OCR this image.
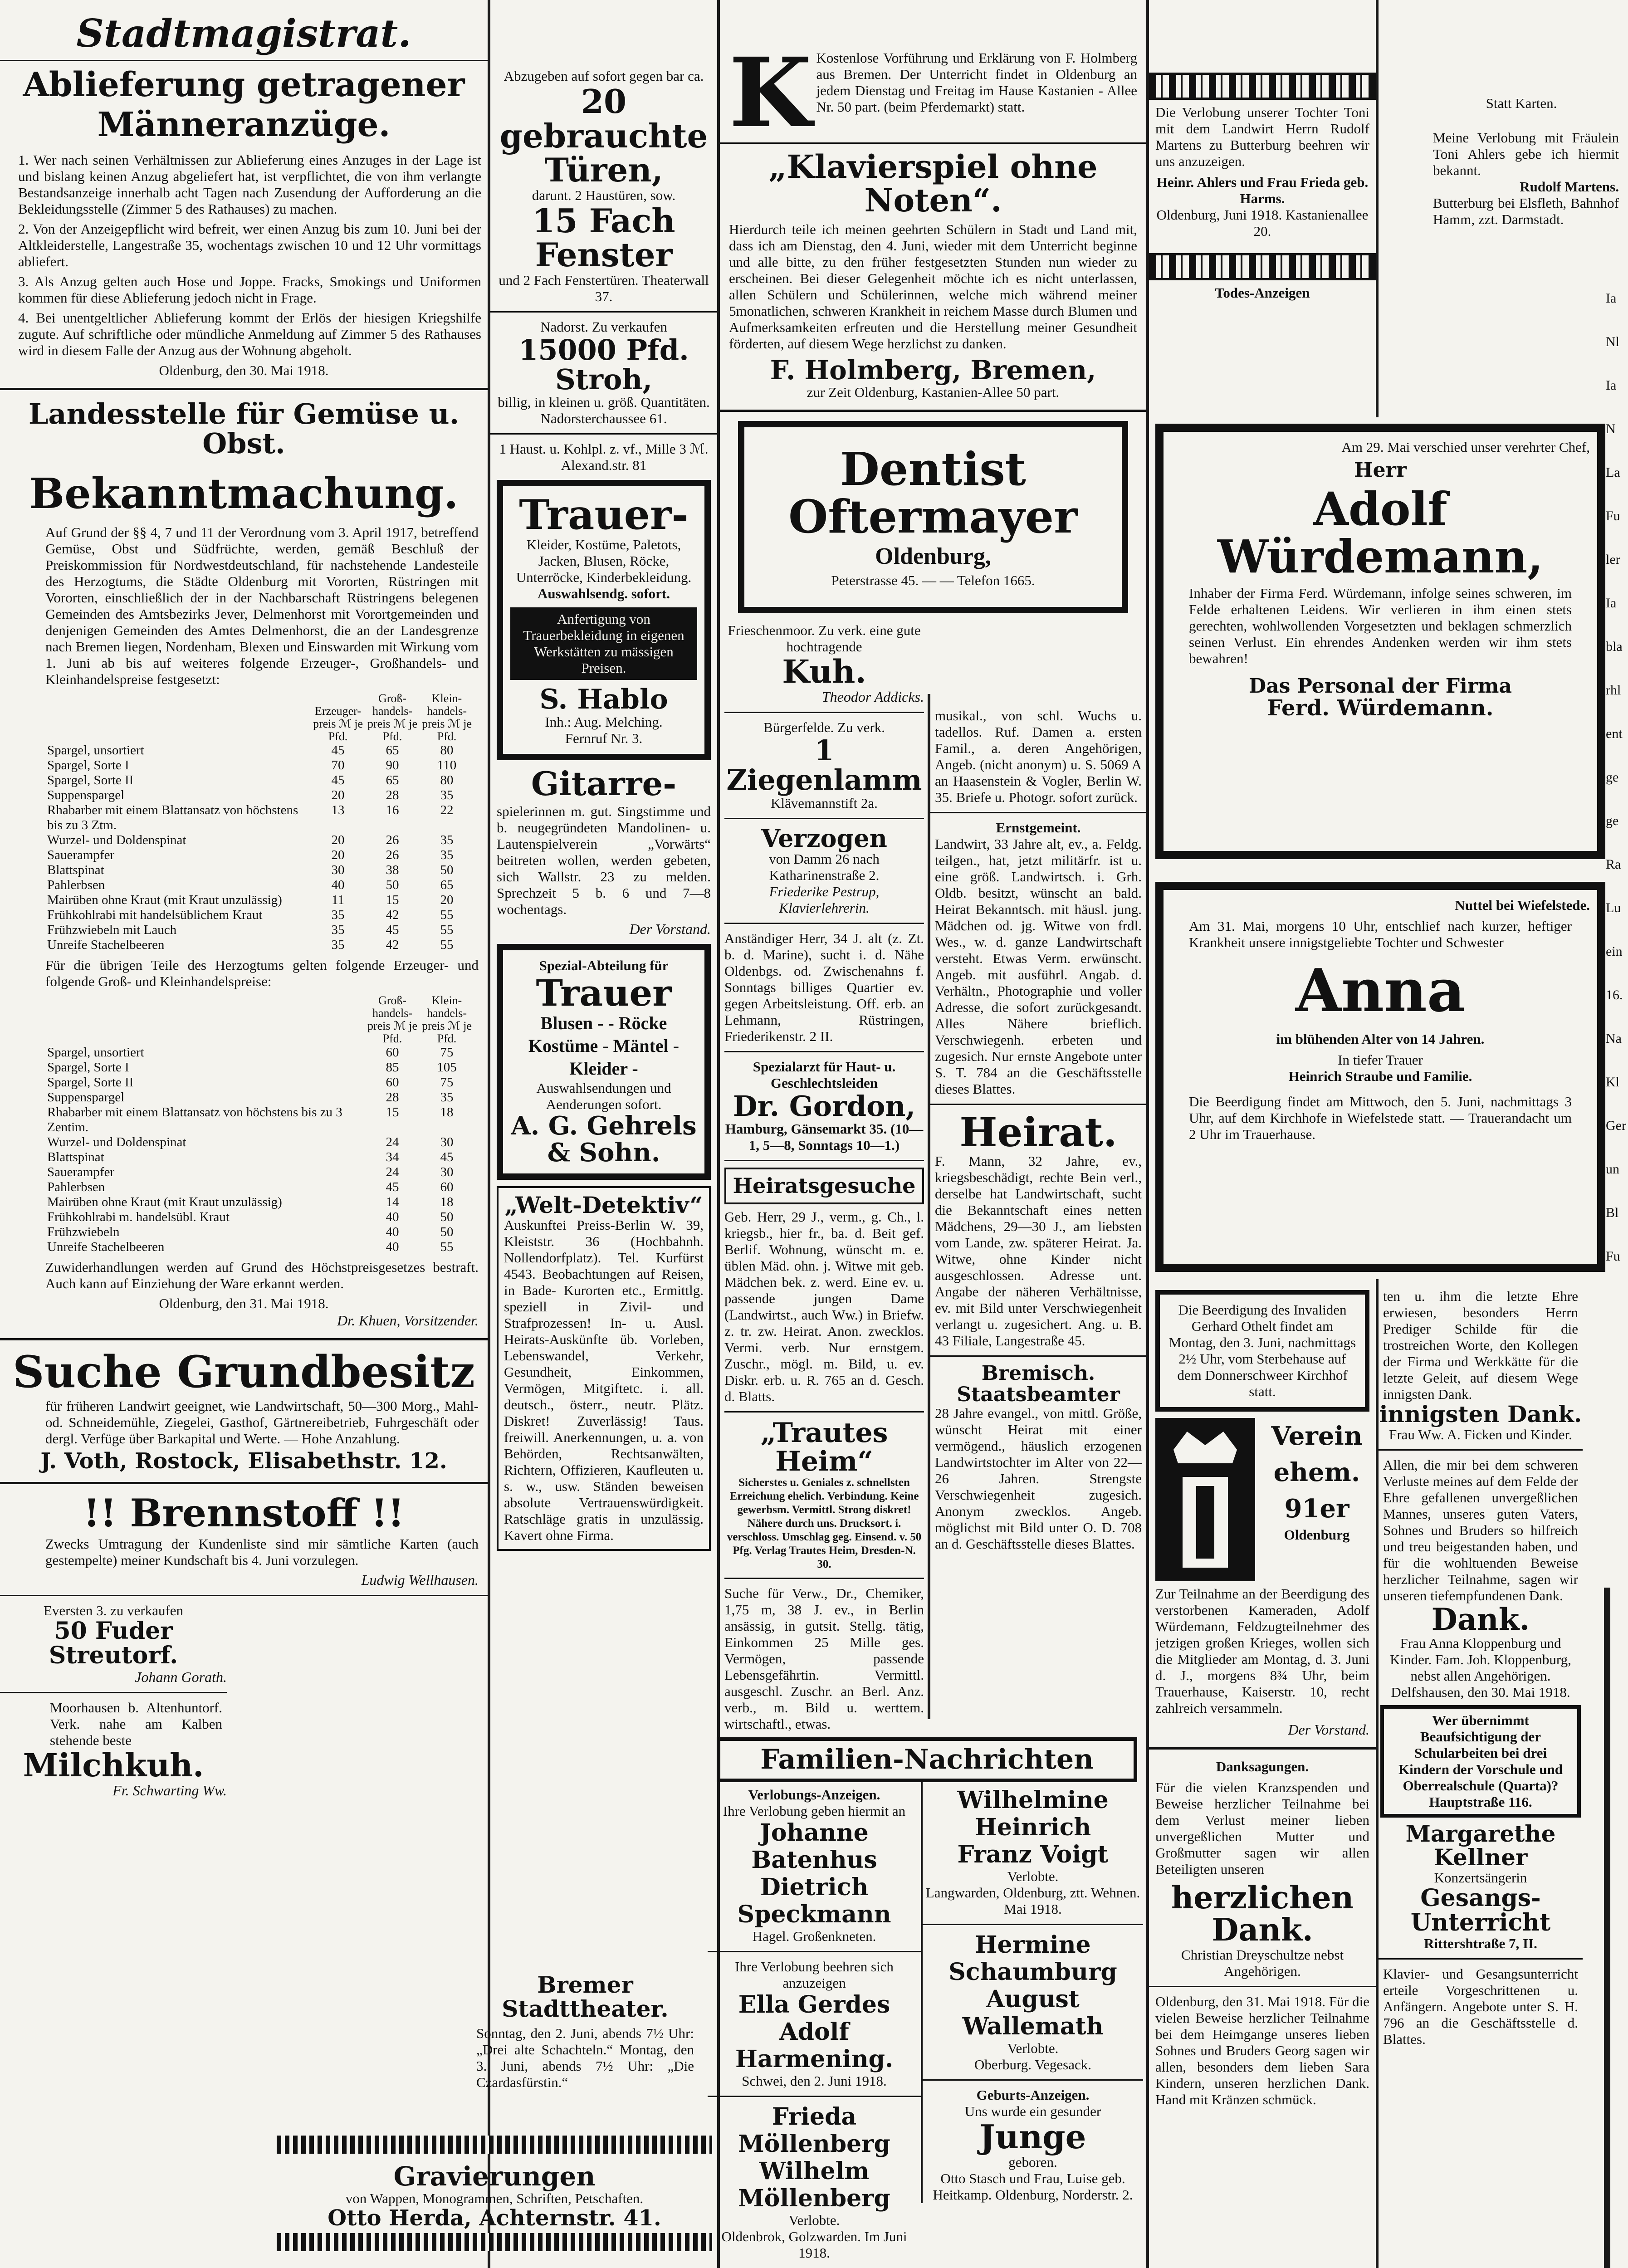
Stadtmagistrat.
Ablieferung getragener
Männeranzüge.

1. Wer nach seinen Verhältnissen zur Ablieferung eines Anzuges in der Lage ist und bislang keinen Anzug abgeliefert hat, ist verpflichtet, die von ihm verlangte Bestandsanzeige innerhalb acht Tagen nach Zusendung der Aufforderung an die Bekleidungsstelle (Zimmer 5 des Rathauses) zu machen.

2. Von der Anzeigepflicht wird befreit, wer einen Anzug bis zum 10. Juni bei der Altkleiderstelle, Langestraße 35, wochentags zwischen 10 und 12 Uhr vormittags abliefert.

3. Als Anzug gelten auch Hose und Joppe. Fracks, Smokings und Uniformen kommen für diese Ablieferung jedoch nicht in Frage.

4. Bei unentgeltlicher Ablieferung kommt der Erlös der hiesigen Kriegshilfe zugute. Auf schriftliche oder mündliche Anmeldung auf Zimmer 5 des Rathauses wird in diesem Falle der Anzug aus der Wohnung abgeholt.

Oldenburg, den 30. Mai 1918.
Landesstelle für Gemüse u. Obst.
Bekanntmachung.

Auf Grund der §§ 4, 7 und 11 der Verordnung vom 3. April 1917, betreffend Gemüse, Obst und Südfrüchte, werden, gemäß Beschluß der Preiskommission für Nordwestdeutschland, für nachstehende Landesteile des Herzogtums, die Städte Oldenburg mit Vororten, Rüstringen mit Vororten, einschließlich der in der Nachbarschaft Rüstringens belegenen Gemeinden des Amtsbezirks Jever, Delmenhorst mit Vorortgemeinden und denjenigen Gemeinden des Amtes Delmenhorst, die an der Landesgrenze nach Bremen liegen, Nordenham, Blexen und Einswarden mit Wirkung vom 1. Juni ab bis auf weiteres folgende Erzeuger-, Großhandels- und Kleinhandelspreise festgesetzt:

	Erzeuger-preis ℳ je Pfd.	Groß-handels-preis ℳ je Pfd.	Klein-handels-preis ℳ je Pfd.
Spargel, unsortiert	45	65	80
Spargel, Sorte I	70	90	110
Spargel, Sorte II	45	65	80
Suppenspargel	20	28	35
Rhabarber mit einem Blattansatz von höchstens bis zu 3 Ztm.	13	16	22
Wurzel- und Doldenspinat	20	26	35
Sauerampfer	20	26	35
Blattspinat	30	38	50
Pahlerbsen	40	50	65
Mairüben ohne Kraut (mit Kraut unzulässig)	11	15	20
Frühkohlrabi mit handelsüblichem Kraut	35	42	55
Frühzwiebeln mit Lauch	35	45	55
Unreife Stachelbeeren	35	42	55

Für die übrigen Teile des Herzogtums gelten folgende Erzeuger- und folgende Groß- und Kleinhandelspreise:

	Groß-handels-preis ℳ je Pfd.	Klein-handels-preis ℳ je Pfd.
Spargel, unsortiert	60	75
Spargel, Sorte I	85	105
Spargel, Sorte II	60	75
Suppenspargel	28	35
Rhabarber mit einem Blattansatz von höchstens bis zu 3 Zentim.	15	18
Wurzel- und Doldenspinat	24	30
Blattspinat	34	45
Sauerampfer	24	30
Pahlerbsen	45	60
Mairüben ohne Kraut (mit Kraut unzulässig)	14	18
Frühkohlrabi m. handelsübl. Kraut	40	50
Frühzwiebeln	40	50
Unreife Stachelbeeren	40	55

Zuwiderhandlungen werden auf Grund des Höchstpreisgesetzes bestraft. Auch kann auf Einziehung der Ware erkannt werden.

Oldenburg, den 31. Mai 1918.
Dr. Khuen, Vorsitzender.
Suche Grundbesitz

für früheren Landwirt geeignet, wie Landwirtschaft, 50—300 Morg., Mahl- od. Schneidemühle, Ziegelei, Gasthof, Gärtnereibetrieb, Fuhrgeschäft oder dergl. Verfüge über Barkapital und Werte. — Hohe Anzahlung.

J. Voth, Rostock, Elisabethstr. 12.
!! Brennstoff !!

Zwecks Umtragung der Kundenliste sind mir sämtliche Karten (auch gestempelte) meiner Kundschaft bis 4. Juni vorzulegen.

Ludwig Wellhausen.
Eversten 3. zu verkaufen
50 Fuder Streutorf.
Johann Gorath.

Moorhausen b. Altenhuntorf. Verk. nahe am Kalben stehende beste

Milchkuh.
Fr. Schwarting Ww.
Abzugeben auf sofort gegen bar ca.
20 gebrauchte Türen,
darunt. 2 Haustüren, sow.
15 Fach Fenster
und 2 Fach Fenstertüren. Theaterwall 37.
Nadorst. Zu verkaufen
15000 Pfd. Stroh,
billig, in kleinen u. größ. Quantitäten. Nadorsterchaussee 61.
1 Haust. u. Kohlpl. z. vf., Mille 3 ℳ. Alexand.str. 81
Trauer-
Kleider, Kostüme, Paletots, Jacken, Blusen, Röcke, Unterröcke, Kinderbekleidung.
Auswahlsendg. sofort.
Anfertigung von Trauerbekleidung in eigenen Werkstätten zu mässigen Preisen.
S. Hablo
Inh.: Aug. Melching.
Fernruf Nr. 3.
Gitarre-

spielerinnen m. gut. Singstimme und b. neugegründeten Mandolinen- u. Lautenspielverein „Vorwärts“ beitreten wollen, werden gebeten, sich Wallstr. 23 zu melden. Sprechzeit 5 b. 6 und 7—8 wochentags.

Der Vorstand.
Spezial-Abteilung für
Trauer
Blusen - - Röcke Kostüme - Mäntel - Kleider -
Auswahlsendungen und Aenderungen sofort.
A. G. Gehrels & Sohn.
„Welt-Detektiv“

Auskunftei Preiss-Berlin W. 39, Kleiststr. 36 (Hochbahnh. Nollendorfplatz). Tel. Kurfürst 4543. Beobachtungen auf Reisen, in Bade- Kurorten etc., Ermittlg. speziell in Zivil- und Strafprozessen! In- u. Ausl. Heirats-Auskünfte üb. Vorleben, Lebenswandel, Verkehr, Gesundheit, Einkommen, Vermögen, Mitgiftetc. i. all. deutsch., österr., neutr. Plätz. Diskret! Zuverlässig! Taus. freiwill. Anerkennungen, u. a. von Behörden, Rechtsanwälten, Richtern, Offizieren, Kaufleuten u. s. w., usw. Ständen beweisen absolute Vertrauenswürdigkeit. Ratschläge gratis in unzulässig. Kavert ohne Firma.

Bremer Stadttheater.

Sonntag, den 2. Juni, abends 7½ Uhr: „Drei alte Schachteln.“ Montag, den 3. Juni, abends 7½ Uhr: „Die Czardasfürstin.“

Gravierungen
von Wappen, Monogrammen, Schriften, Petschaften.
Otto Herda, Achternstr. 41.
K Kostenlose Vorführung und Erklärung von F. Holmberg aus Bremen. Der Unterricht findet in Oldenburg an jedem Dienstag und Freitag im Hause Kastanien - Allee Nr. 50 part. (beim Pferdemarkt) statt.

„Klavierspiel ohne Noten“.

Hierdurch teile ich meinen geehrten Schülern in Stadt und Land mit, dass ich am Dienstag, den 4. Juni, wieder mit dem Unterricht beginne und alle bitte, zu den früher festgesetzten Stunden nun wieder zu erscheinen. Bei dieser Gelegenheit möchte ich es nicht unterlassen, allen Schülern und Schülerinnen, welche mich während meiner 5monatlichen, schweren Krankheit in reichem Masse durch Blumen und Aufmerksamkeiten erfreuten und die Herstellung meiner Gesundheit förderten, auf diesem Wege herzlichst zu danken.

F. Holmberg, Bremen,
zur Zeit Oldenburg, Kastanien-Allee 50 part.
Dentist Oftermayer
Oldenburg,
Peterstrasse 45. — — Telefon 1665.
Frieschenmoor. Zu verk. eine gute hochtragende
Kuh.
Theodor Addicks.
Bürgerfelde. Zu verk.
1 Ziegenlamm
Klävemannstift 2a.
Verzogen
von Damm 26 nach Katharinenstraße 2.
Friederike Pestrup, Klavierlehrerin.

Anständiger Herr, 34 J. alt (z. Zt. b. d. Marine), sucht i. d. Nähe Oldenbgs. od. Zwischenahns f. Sonntags billiges Quartier ev. gegen Arbeitsleistung. Off. erb. an Lehmann, Rüstringen, Friederikenstr. 2 II.

Spezialarzt für Haut- u. Geschlechtsleiden
Dr. Gordon,
Hamburg, Gänsemarkt 35. (10—1, 5—8, Sonntags 10—1.)
Heiratsgesuche

Geb. Herr, 29 J., verm., g. Ch., l. kriegsb., hier fr., ba. d. Beit gef. Berlif. Wohnung, wünscht m. e. üblen Mäd. ohn. j. Witwe mit geb. Mädchen bek. z. werd. Eine ev. u. passende jungen Dame (Landwirtst., auch Ww.) in Briefw. z. tr. zw. Heirat. Anon. zwecklos. Vermi. verb. Nur ernstgem. Zuschr., mögl. m. Bild, u. ev. Diskr. erb. u. R. 765 an d. Gesch. d. Blatts.

„Trautes Heim“
Sicherstes u. Geniales z. schnellsten Erreichung ehelich. Verbindung. Keine gewerbsm. Vermittl. Strong diskret! Nähere durch uns. Drucksort. i. verschloss. Umschlag geg. Einsend. v. 50 Pfg. Verlag Trautes Heim, Dresden-N. 30.

Suche für Verw., Dr., Chemiker, 1,75 m, 38 J. ev., in Berlin ansässig, in gutsit. Stellg. tätig, Einkommen 25 Mille ges. Vermögen, passende Lebensgefährtin. Vermittl. ausgeschl. Zuschr. an Berl. Anz. verb., m. Bild u. werttem. wirtschaftl., etwas.

musikal., von schl. Wuchs u. tadellos. Ruf. Damen a. ersten Famil., a. deren Angehörigen, Angeb. (nicht anonym) u. S. 5069 A an Haasenstein & Vogler, Berlin W. 35. Briefe u. Photogr. sofort zurück.

Ernstgemeint.

Landwirt, 33 Jahre alt, ev., a. Feldg. teilgen., hat, jetzt militärfr. ist u. eine größ. Landwirtsch. i. Grh. Oldb. besitzt, wünscht an bald. Heirat Bekanntsch. mit häusl. jung. Mädchen od. jg. Witwe von frdl. Wes., w. d. ganze Landwirtschaft versteht. Etwas Verm. erwünscht. Angeb. mit ausführl. Angab. d. Verhältn., Photographie und voller Adresse, die sofort zurückgesandt. Alles Nähere brieflich. Verschwiegenh. erbeten und zugesich. Nur ernste Angebote unter S. T. 784 an die Geschäftsstelle dieses Blattes.

Heirat.

F. Mann, 32 Jahre, ev., kriegsbeschädigt, rechte Bein verl., derselbe hat Landwirtschaft, sucht die Bekanntschaft eines netten Mädchens, 29—30 J., am liebsten vom Lande, zw. späterer Heirat. Ja. Witwe, ohne Kinder nicht ausgeschlossen. Adresse unt. Angabe der näheren Verhältnisse, ev. mit Bild unter Verschwiegenheit verlangt u. zugesichert. Ang. u. B. 43 Filiale, Langestraße 45.

Bremisch. Staatsbeamter

28 Jahre evangel., von mittl. Größe, wünscht Heirat mit einer vermögend., häuslich erzogenen Landwirtstochter im Alter von 22—26 Jahren. Strengste Verschwiegenheit zugesich. Anonym zwecklos. Angeb. möglichst mit Bild unter O. D. 708 an d. Geschäftsstelle dieses Blattes.

Familien-Nachrichten
Verlobungs-Anzeigen.
Ihre Verlobung geben hiermit an
Johanne Batenhus
Dietrich Speckmann
Hagel. Großenkneten.
Ihre Verlobung beehren sich anzuzeigen
Ella Gerdes
Adolf Harmening.
Schwei, den 2. Juni 1918.
Frieda Möllenberg
Wilhelm Möllenberg
Verlobte.
Oldenbrok, Golzwarden. Im Juni 1918.
Wilhelmine Heinrich
Franz Voigt
Verlobte.
Langwarden, Oldenburg, ztt. Wehnen. Mai 1918.
Hermine Schaumburg
August Wallemath
Verlobte.
Oberburg. Vegesack.
Geburts-Anzeigen.
Uns wurde ein gesunder
Junge
geboren.
Otto Stasch und Frau, Luise geb. Heitkamp. Oldenburg, Norderstr. 2.

Die Verlobung unserer Tochter Toni mit dem Landwirt Herrn Rudolf Martens zu Butterburg beehren wir uns anzuzeigen.

Heinr. Ahlers und Frau Frieda geb. Harms.
Oldenburg, Juni 1918. Kastanienallee 20.
Todes-Anzeigen

Am 29. Mai verschied unser verehrter Chef,

Herr
Adolf Würdemann,

Inhaber der Firma Ferd. Würdemann, infolge seines schweren, im Felde erhaltenen Leidens. Wir verlieren in ihm einen stets gerechten, wohlwollenden Vorgesetzten und beklagen schmerzlich seinen Verlust. Ein ehrendes Andenken werden wir ihm stets bewahren!

Das Personal der Firma
Ferd. Würdemann.
Nuttel bei Wiefelstede.

Am 31. Mai, morgens 10 Uhr, entschlief nach kurzer, heftiger Krankheit unsere innigstgeliebte Tochter und Schwester

Anna
im blühenden Alter von 14 Jahren.
In tiefer Trauer
Heinrich Straube und Familie.

Die Beerdigung findet am Mittwoch, den 5. Juni, nachmittags 3 Uhr, auf dem Kirchhofe in Wiefelstede statt. — Trauerandacht um 2 Uhr im Trauerhause.

Die Beerdigung des Invaliden Gerhard Othelt findet am Montag, den 3. Juni, nachmittags 2½ Uhr, vom Sterbehause auf dem Donnerschweer Kirchhof statt.

Verein ehem. 91er
Oldenburg

Zur Teilnahme an der Beerdigung des verstorbenen Kameraden, Adolf Würdemann, Feldzugteilnehmer des jetzigen großen Krieges, wollen sich die Mitglieder am Montag, d. 3. Juni d. J., morgens 8¾ Uhr, beim Trauerhause, Kaiserstr. 10, recht zahlreich versammeln.

Der Vorstand.
Danksagungen.

Für die vielen Kranzspenden und Beweise herzlicher Teilnahme bei dem Verlust meiner lieben unvergeßlichen Mutter und Großmutter sagen wir allen Beteiligten unseren

herzlichen Dank.
Christian Dreyschultze nebst Angehörigen.

Oldenburg, den 31. Mai 1918. Für die vielen Beweise herzlicher Teilnahme bei dem Heimgange unseres lieben Sohnes und Bruders Georg sagen wir allen, besonders dem lieben Sara Kindern, unseren herzlichen Dank. Hand mit Kränzen schmück.

Statt Karten.

Meine Verlobung mit Fräulein Toni Ahlers gebe ich hiermit bekannt.

Rudolf Martens.

Butterburg bei Elsfleth, Bahnhof Hamm, zzt. Darmstadt.

ten u. ihm die letzte Ehre erwiesen, besonders Herrn Prediger Schilde für die trostreichen Worte, den Kollegen der Firma und Werkkätte für die letzte Geleit, auf diesem Wege innigsten Dank.

innigsten Dank.
Frau Ww. A. Ficken und Kinder.

Allen, die mir bei dem schweren Verluste meines auf dem Felde der Ehre gefallenen unvergeßlichen Mannes, unseres guten Vaters, Sohnes und Bruders so hilfreich und treu beigestanden haben, und für die wohltuenden Beweise herzlicher Teilnahme, sagen wir unseren tiefempfundenen Dank.

Dank.
Frau Anna Kloppenburg und Kinder. Fam. Joh. Kloppenburg, nebst allen Angehörigen. Delfshausen, den 30. Mai 1918.

Wer übernimmt Beaufsichtigung der Schularbeiten bei drei Kindern der Vorschule und Oberrealschule (Quarta)? Hauptstraße 116.

Margarethe Kellner
Konzertsängerin
Gesangs-Unterricht
Rittershtraße 7, II.

Klavier- und Gesangsunterricht erteile Vorgeschrittenen u. Anfängern. Angebote unter S. H. 796 an die Geschäftsstelle d. Blattes.

Ia
Nl
Ia
N
La
Fu
ler
Ia
bla
rhl
ent
ge
ge
Ra
Lu
ein
16.
Na
Kl
Ger
un
Bl
Fu
